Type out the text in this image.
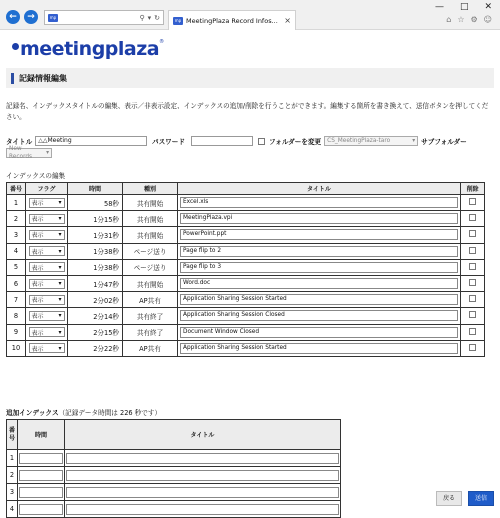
←	→	mp	⚲ ▾ ↻	mp MeetingPlaza Record Infos... ×
— □ ✕
⌂ ☆ ⚙ ☺
meetingplaza ®
記録情報編集
記録名、インデックスタイトルの編集、表示／非表示設定、インデックスの追加/削除を行うことができます。編集する箇所を書き換えて、送信ボタンを押してください。
タイトル	△△Meeting	パスワード	フォルダーを変更 CS_MeetingPlaza-taro	▾ サブフォルダー
New Records
▾
インデックスの編集
番号	フラグ	時間	種別	タイトル	削除
1	表示 ▾	58秒	共有開始	Excel.xls	

2	表示 ▾	1分15秒	共有開始	MeetingPlaza.vpi	

3	表示 ▾	1分31秒	共有開始	PowerPoint.ppt	

4	表示 ▾	1分38秒	ページ送り	Page flip to 2	

5	表示 ▾	1分38秒	ページ送り	Page flip to 3	

6	表示 ▾	1分47秒	共有開始	Word.doc	

7	表示 ▾	2分02秒	AP共有	Application Sharing Session Started	

8	表示 ▾	2分14秒	共有終了	Application Sharing Session Closed	

9	表示 ▾	2分15秒	共有終了	Document Window Closed	

10	表示 ▾	2分22秒	AP共有	Application Sharing Session Started	

追加インデックス（記録データ時間は 226 秒です）
番号	時間	タイトル
1	

2	

3	

4	

戻る	送信
